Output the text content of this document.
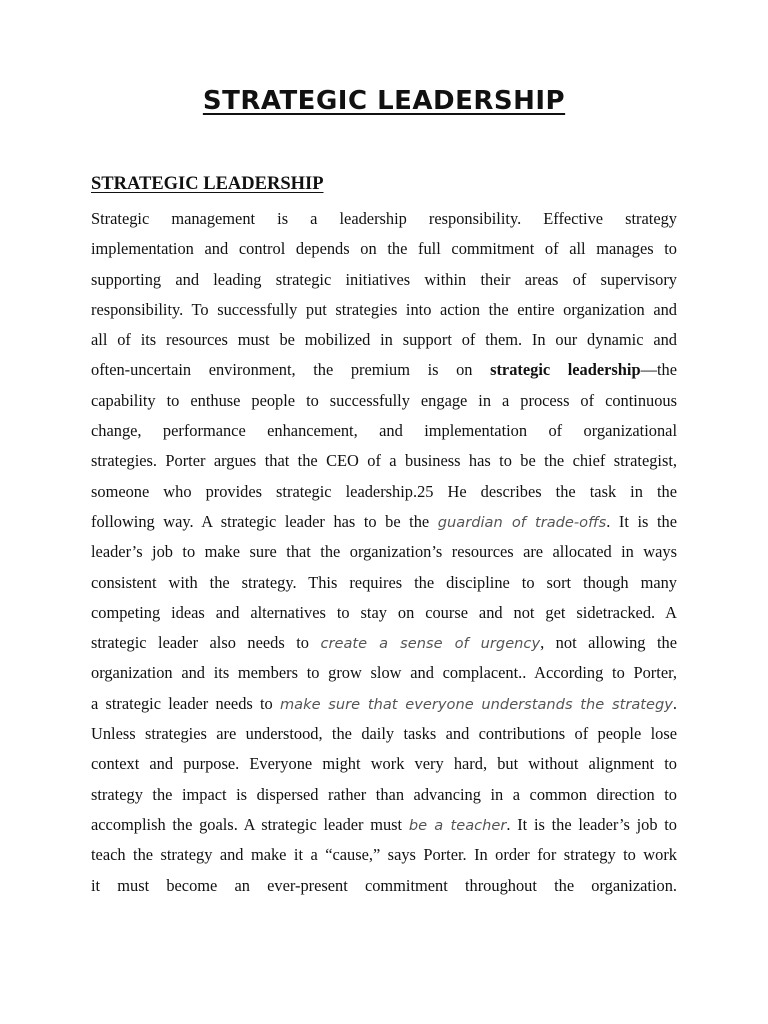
STRATEGIC LEADERSHIP
STRATEGIC LEADERSHIP
Strategic management is a leadership responsibility. Effective strategy
implementation and control depends on the full commitment of all manages to
supporting and leading strategic initiatives within their areas of supervisory
responsibility. To successfully put strategies into action the entire organization and
all of its resources must be mobilized in support of them. In our dynamic and
often-uncertain environment, the premium is on strategic leadership—the
capability to enthuse people to successfully engage in a process of continuous
change, performance enhancement, and implementation of organizational
strategies. Porter argues that the CEO of a business has to be the chief strategist,
someone who provides strategic leadership.25 He describes the task in the
following way. A strategic leader has to be the guardian of trade-offs. It is the
leader’s job to make sure that the organization’s resources are allocated in ways
consistent with the strategy. This requires the discipline to sort though many
competing ideas and alternatives to stay on course and not get sidetracked. A
strategic leader also needs to create a sense of urgency, not allowing the
organization and its members to grow slow and complacent.. According to Porter,
a strategic leader needs to make sure that everyone understands the strategy.
Unless strategies are understood, the daily tasks and contributions of people lose
context and purpose. Everyone might work very hard, but without alignment to
strategy the impact is dispersed rather than advancing in a common direction to
accomplish the goals. A strategic leader must be a teacher. It is the leader’s job to
teach the strategy and make it a “cause,” says Porter. In order for strategy to work
it must become an ever-present commitment throughout the organization.
